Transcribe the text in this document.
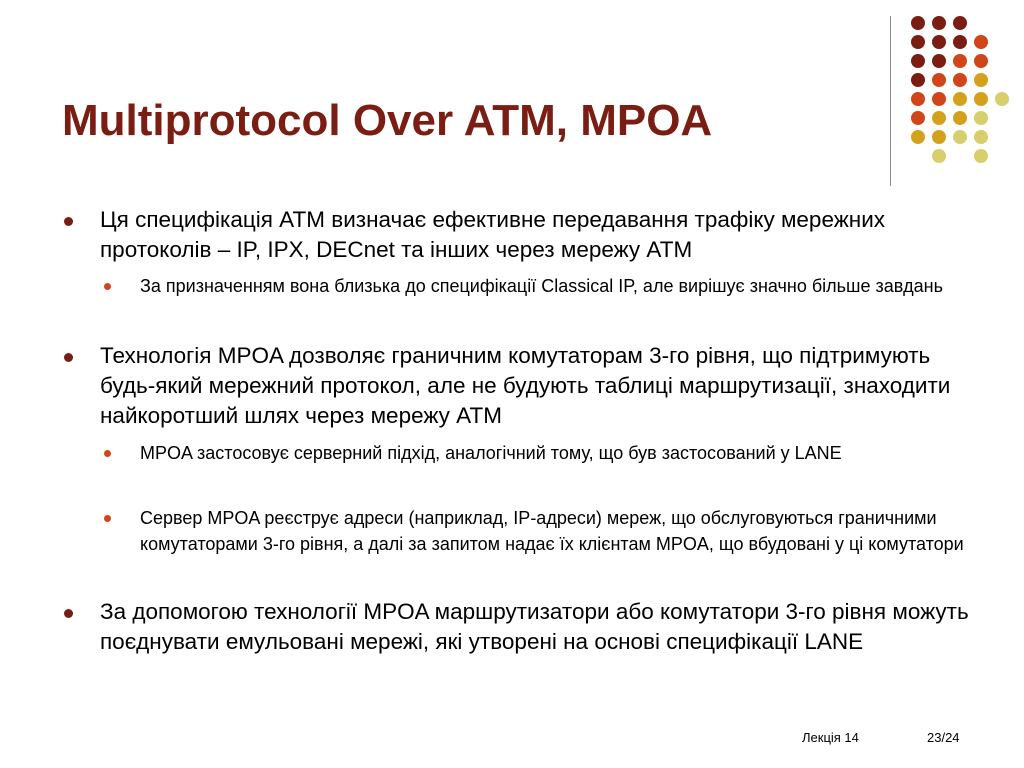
Multiprotocol Over ATM, MPOA

Ця специфікація ATM визначає ефективне передавання трафіку мережних протоколів – IP, IPX, DECnet та інших через мережу ATM

За призначенням вона близька до специфікації Classical IP, але вирішує значно більше завдань

Технологія MPOA дозволяє граничним комутаторам 3-го рівня, що підтримують будь-який мережний протокол, але не будують таблиці маршрутизації, знаходити найкоротший шлях через мережу ATM

MPOA застосовує серверний підхід, аналогічний тому, що був застосований у LANE

Сервер MPOA реєструє адреси (наприклад, IP-адреси) мереж, що обслуговуються граничними комутаторами 3-го рівня, а далі за запитом надає їх клієнтам MPOA, що вбудовані у ці комутатори

За допомогою технології MPOA маршрутизатори або комутатори 3-го рівня можуть поєднувати емульовані мережі, які утворені на основі специфікації LANE

Лекція 14	23/24
